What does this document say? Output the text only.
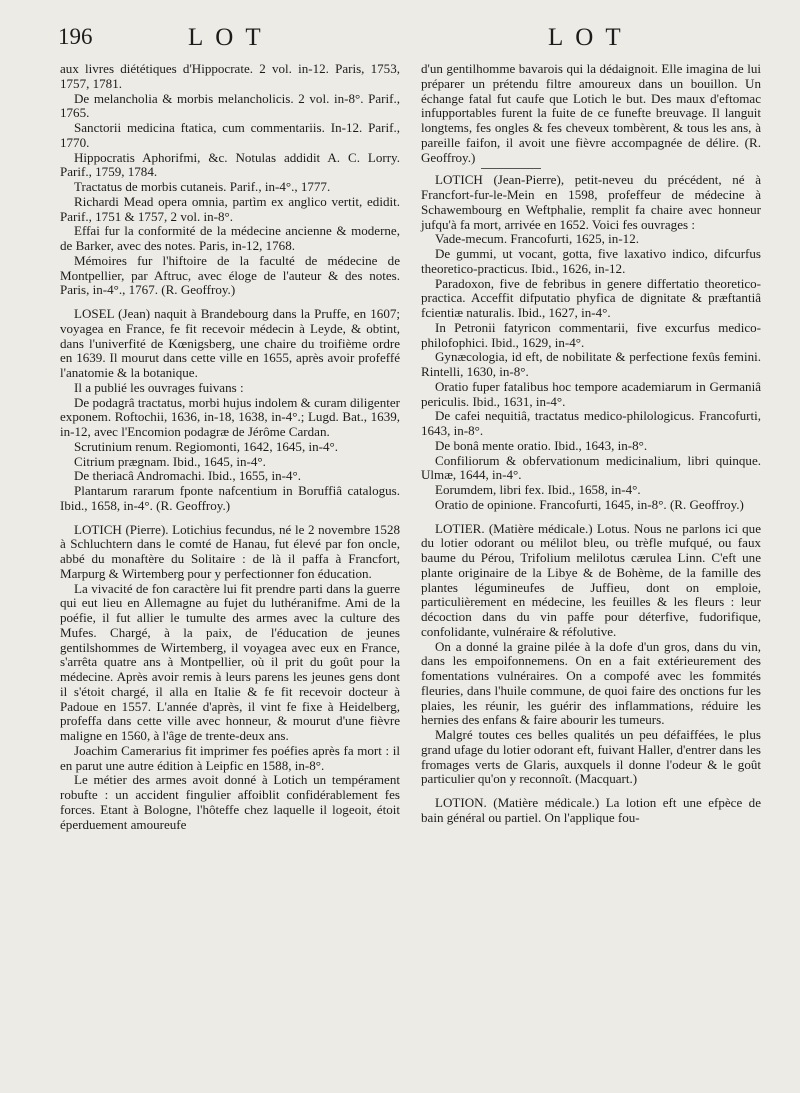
196	LOT	LOT

aux livres diététiques d'Hippocrate. 2 vol. in-12. Paris, 1753, 1757, 1781.

De melancholia & morbis melancholicis. 2 vol. in-8°. Parif., 1765.

Sanctorii medicina ftatica, cum commentariis. In-12. Parif., 1770.

Hippocratis Aphorifmi, &c. Notulas addidit A. C. Lorry. Parif., 1759, 1784.

Tractatus de morbis cutaneis. Parif., in-4°., 1777.

Richardi Mead opera omnia, partìm ex anglico vertit, edidit. Parif., 1751 & 1757, 2 vol. in-8°.

Effai fur la conformité de la médecine ancienne & moderne, de Barker, avec des notes. Paris, in-12, 1768.

Mémoires fur l'hiftoire de la faculté de médecine de Montpellier, par Aftruc, avec éloge de l'auteur & des notes. Paris, in-4°., 1767. (R. Geoffroy.)

LOSEL (Jean) naquit à Brandebourg dans la Pruffe, en 1607; voyagea en France, fe fit recevoir médecin à Leyde, & obtint, dans l'univerfité de Kœnigsberg, une chaire du troifième ordre en 1639. Il mourut dans cette ville en 1655, après avoir profeffé l'anatomie & la botanique.

Il a publié les ouvrages fuivans :

De podagrâ tractatus, morbi hujus indolem & curam diligenter exponem. Roftochii, 1636, in-18, 1638, in-4°.; Lugd. Bat., 1639, in-12, avec l'Encomion podagræ de Jérôme Cardan.

Scrutinium renum. Regiomonti, 1642, 1645, in-4°.

Citrium prægnam. Ibid., 1645, in-4°.

De theriacâ Andromachi. Ibid., 1655, in-4°.

Plantarum rararum fponte nafcentium in Boruffiâ catalogus. Ibid., 1658, in-4°. (R. Geoffroy.)

LOTICH (Pierre). Lotichius fecundus, né le 2 novembre 1528 à Schluchtern dans le comté de Hanau, fut élevé par fon oncle, abbé du monaftère du Solitaire : de là il paffa à Francfort, Marpurg & Wirtemberg pour y perfectionner fon éducation.

La vivacité de fon caractère lui fit prendre parti dans la guerre qui eut lieu en Allemagne au fujet du luthéranifme. Ami de la poéfie, il fut allier le tumulte des armes avec la culture des Mufes. Chargé, à la paix, de l'éducation de jeunes gentilshommes de Wirtemberg, il voyagea avec eux en France, s'arrêta quatre ans à Montpellier, où il prit du goût pour la médecine. Après avoir remis à leurs parens les jeunes gens dont il s'étoit chargé, il alla en Italie & fe fit recevoir docteur à Padoue en 1557. L'année d'après, il vint fe fixe à Heidelberg, profeffa dans cette ville avec honneur, & mourut d'une fièvre maligne en 1560, à l'âge de trente-deux ans.

Joachim Camerarius fit imprimer fes poéfies après fa mort : il en parut une autre édition à Leipfic en 1588, in-8°.

Le métier des armes avoit donné à Lotich un tempérament robufte : un accident fingulier affoiblit confidérablement fes forces. Etant à Bologne, l'hôteffe chez laquelle il logeoit, étoit éperduement amoureufe

d'un gentilhomme bavarois qui la dédaignoit. Elle imagina de lui préparer un prétendu filtre amoureux dans un bouillon. Un échange fatal fut caufe que Lotich le but. Des maux d'eftomac infupportables furent la fuite de ce funefte breuvage. Il languit longtems, fes ongles & fes cheveux tombèrent, & tous les ans, à pareille faifon, il avoit une fièvre accompagnée de délire. (R. Geoffroy.)

LOTICH (Jean-Pierre), petit-neveu du précédent, né à Francfort-fur-le-Mein en 1598, profeffeur de médecine à Schawembourg en Weftphalie, remplit fa chaire avec honneur jufqu'à fa mort, arrivée en 1652. Voici fes ouvrages :

Vade-mecum. Francofurti, 1625, in-12.

De gummi, ut vocant, gotta, five laxativo indico, difcurfus theoretico-practicus. Ibid., 1626, in-12.

Paradoxon, five de febribus in genere differtatio theoretico-practica. Acceffit difputatio phyfica de dignitate & præftantiâ fcientiæ naturalis. Ibid., 1627, in-4°.

In Petronii fatyricon commentarii, five excurfus medico-philofophici. Ibid., 1629, in-4°.

Gynæcologia, id eft, de nobilitate & perfectione fexûs femini. Rintelli, 1630, in-8°.

Oratio fuper fatalibus hoc tempore academiarum in Germaniâ periculis. Ibid., 1631, in-4°.

De cafei nequitiâ, tractatus medico-philologicus. Francofurti, 1643, in-8°.

De bonâ mente oratio. Ibid., 1643, in-8°.

Confiliorum & obfervationum medicinalium, libri quinque. Ulmæ, 1644, in-4°.

Eorumdem, libri fex. Ibid., 1658, in-4°.

Oratio de opinione. Francofurti, 1645, in-8°. (R. Geoffroy.)

LOTIER. (Matière médicale.) Lotus. Nous ne parlons ici que du lotier odorant ou mélilot bleu, ou trèfle mufqué, ou faux baume du Pérou, Trifolium melilotus cærulea Linn. C'eft une plante originaire de la Libye & de Bohème, de la famille des plantes légumineufes de Juffieu, dont on emploie, particulièrement en médecine, les feuilles & les fleurs : leur décoction dans du vin paffe pour déterfive, fudorifique, confolidante, vulnéraire & réfolutive.

On a donné la graine pilée à la dofe d'un gros, dans du vin, dans les empoifonnemens. On en a fait extérieurement des fomentations vulnéraires. On a compofé avec les fommités fleuries, dans l'huile commune, de quoi faire des onctions fur les plaies, les réunir, les guérir des inflammations, réduire les hernies des enfans & faire abourir les tumeurs.

Malgré toutes ces belles qualités un peu défaiffées, le plus grand ufage du lotier odorant eft, fuivant Haller, d'entrer dans les fromages verts de Glaris, auxquels il donne l'odeur & le goût particulier qu'on y reconnoît. (Macquart.)

LOTION. (Matière médicale.) La lotion eft une efpèce de bain général ou partiel. On l'applique fou-
